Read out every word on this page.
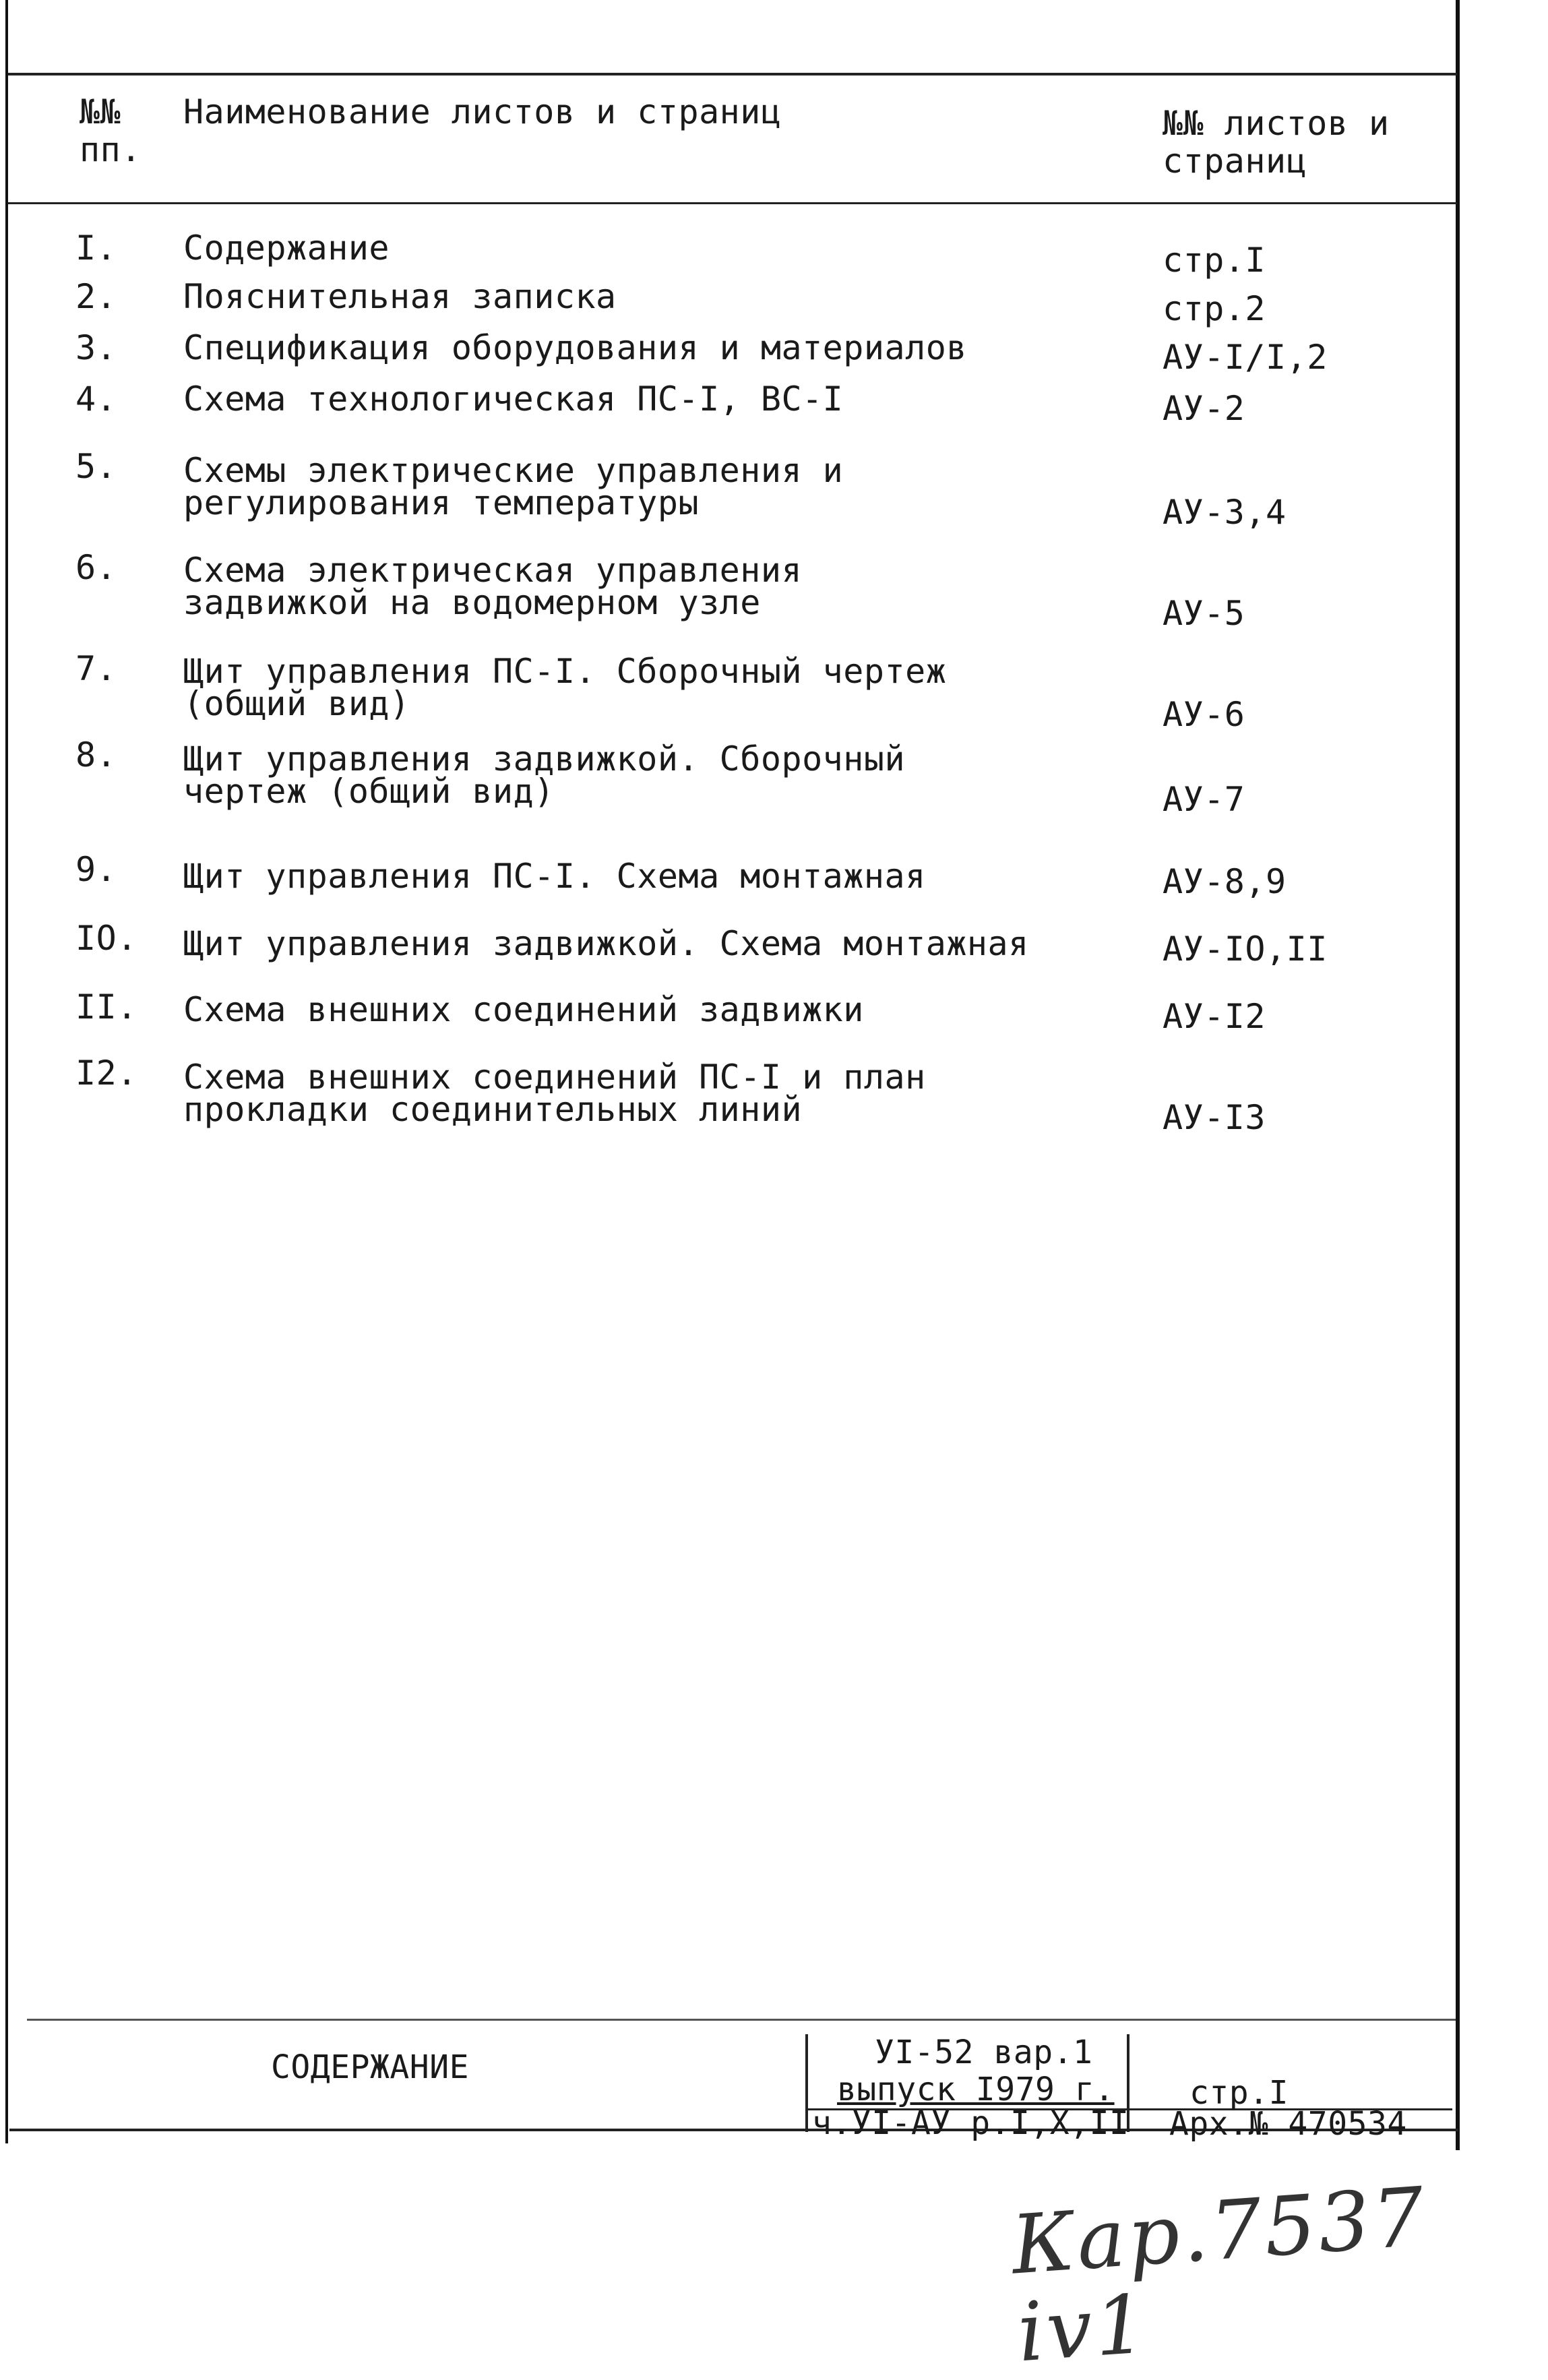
№№
пп.
Наименование листов и страниц	№№ листов и
страниц
I. Содержание	стр.I
2. Пояснительная записка	стр.2
3. Спецификация оборудования и материалов	АУ-I/I,2
4. Схема технологическая ПС-I, ВС-I	АУ-2
5. Схемы электрические управления и
регулирования температуры	АУ-3,4
6. Схема электрическая управления
задвижкой на водомерном узле	АУ-5
7. Щит управления ПС-I. Сборочный чертеж
(общий вид)	АУ-6
8. Щит управления задвижкой. Сборочный
чертеж (общий вид)	АУ-7
9. Щит управления ПС-I. Схема монтажная	АУ-8,9
IO. Щит управления задвижкой. Схема монтажная	АУ-IO,II
II. Схема внешних соединений задвижки	АУ-I2
I2. Схема внешних соединений ПС-I и план
прокладки соединительных линий	АУ-I3
СОДЕРЖАНИЕ	УI-52 вар.1
выпуск I979 г.
ч.УI-АУ р.I,X,II
стр.I
Арх.№ 470534
Кар.7537 iv1
